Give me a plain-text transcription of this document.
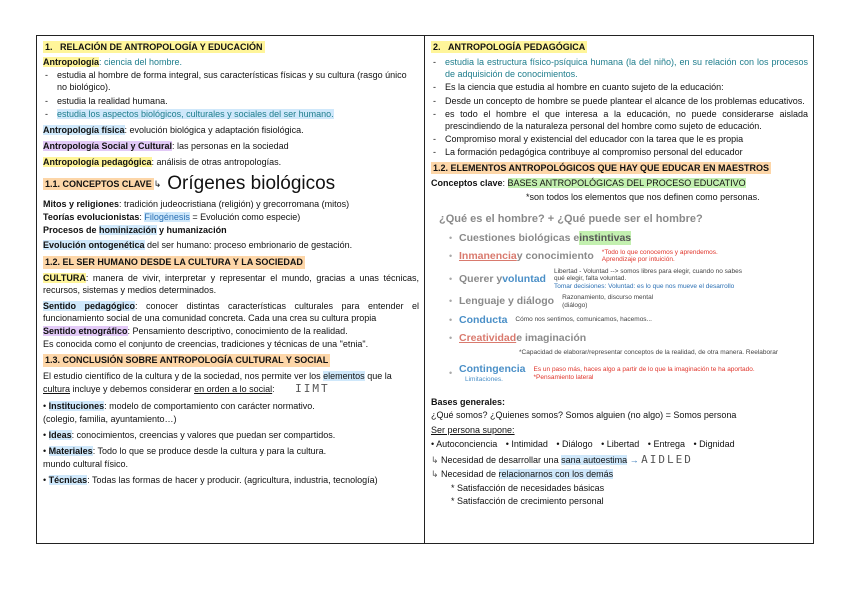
1. RELACIÓN DE ANTROPOLOGÍA Y EDUCACIÓN
Antropología: ciencia del hombre.
- estudia al hombre de forma integral, sus características físicas y su cultura (rasgo único no biológico).
- estudia la realidad humana.
- estudia los aspectos biológicos, culturales y sociales del ser humano.
Antropología física: evolución biológica y adaptación fisiológica.
Antropología Social y Cultural: las personas en la sociedad
Antropología pedagógica: análisis de otras antropologías.
1.1. CONCEPTOS CLAVE ↳ Orígenes biológicos
Mitos y religiones: tradición judeocristiana (religión) y grecorromana (mitos)
Teorías evolucionistas: Filogénesis = Evolución como especie)
Procesos de hominización y humanización
Evolución ontogenética del ser humano: proceso embrionario de gestación.
1.2. EL SER HUMANO DESDE LA CULTURA Y LA SOCIEDAD
CULTURA: manera de vivir, interpretar y representar el mundo, gracias a unas técnicas, recursos, sistemas y medios determinados.
Sentido pedagógico: conocer distintas características culturales para entender el funcionamiento social de una comunidad concreta. Cada una crea su cultura propia
Sentido etnográfico: Pensamiento descriptivo, conocimiento de la realidad.
Es conocida como el conjunto de creencias, tradiciones y técnicas de una "etnia".
1.3. CONCLUSIÓN SOBRE ANTROPOLOGÍA CULTURAL Y SOCIAL
El estudio científico de la cultura y de la sociedad, nos permite ver los elementos que la cultura incluye y debemos considerar en orden a lo social: IIMT
• Instituciones: modelo de comportamiento con carácter normativo.
(colegio, familia, ayuntamiento…)
• Ideas: conocimientos, creencias y valores que puedan ser compartidos.
• Materiales: Todo lo que se produce desde la cultura y para la cultura.
mundo cultural físico.
• Técnicas: Todas las formas de hacer y producir. (agricultura, industria, tecnología)
2. ANTROPOLOGÍA PEDAGÓGICA
- estudia la estructura físico-psíquica humana (la del niño), en su relación con los procesos de adquisición de conocimientos.
- Es la ciencia que estudia al hombre en cuanto sujeto de la educación:
- Desde un concepto de hombre se puede plantear el alcance de los problemas educativos.
- es todo el hombre el que interesa a la educación, no puede considerarse aislada prescindiendo de la naturaleza personal del hombre como sujeto de educación.
- Compromiso moral y existencial del educador con la tarea que le es propia
- La formación pedagógica contribuye al compromiso personal del educador
1.2. ELEMENTOS ANTROPOLÓGICOS QUE HAY QUE EDUCAR EN MAESTROS
Conceptos clave: BASES ANTROPOLÓGICAS DEL PROCESO EDUCATIVO
*son todos los elementos que nos definen como personas.
¿Qué es el hombre? + ¿Qué puede ser el hombre?
• Cuestiones biológicas e instintivas
• Inmanencia y conocimiento *Todo lo que conocemos y aprendemos.
Aprendizaje por intuición.
• Querer y voluntad
Libertad - Voluntad --> somos libres para elegir, cuando no sabes qué elegir, falta voluntad.
Tomar decisiones: Voluntad: es lo que nos mueve el desarrollo
• Lenguaje y diálogo Razonamiento, discurso mental (diálogo)
• Conducta Cómo nos sentimos, comunicamos, hacemos...
• Creatividad e imaginación
*Capacidad de elaborar/representar conceptos de la realidad, de otra manera. Reelaborar
• Contingencia
Limitaciones.
Es un paso más, haces algo a partir de lo que la imaginación te ha aportado.
*Pensamiento lateral
Bases generales:
¿Qué somos? ¿Quienes somos? Somos alguien (no algo) = Somos persona
Ser persona supone:
• Autoconciencia • Intimidad • Diálogo • Libertad • Entrega • Dignidad
↳ Necesidad de desarrollar una sana autoestima → AIDLED
↳ Necesidad de relacionarnos con los demás
* Satisfacción de necesidades básicas
* Satisfacción de crecimiento personal
